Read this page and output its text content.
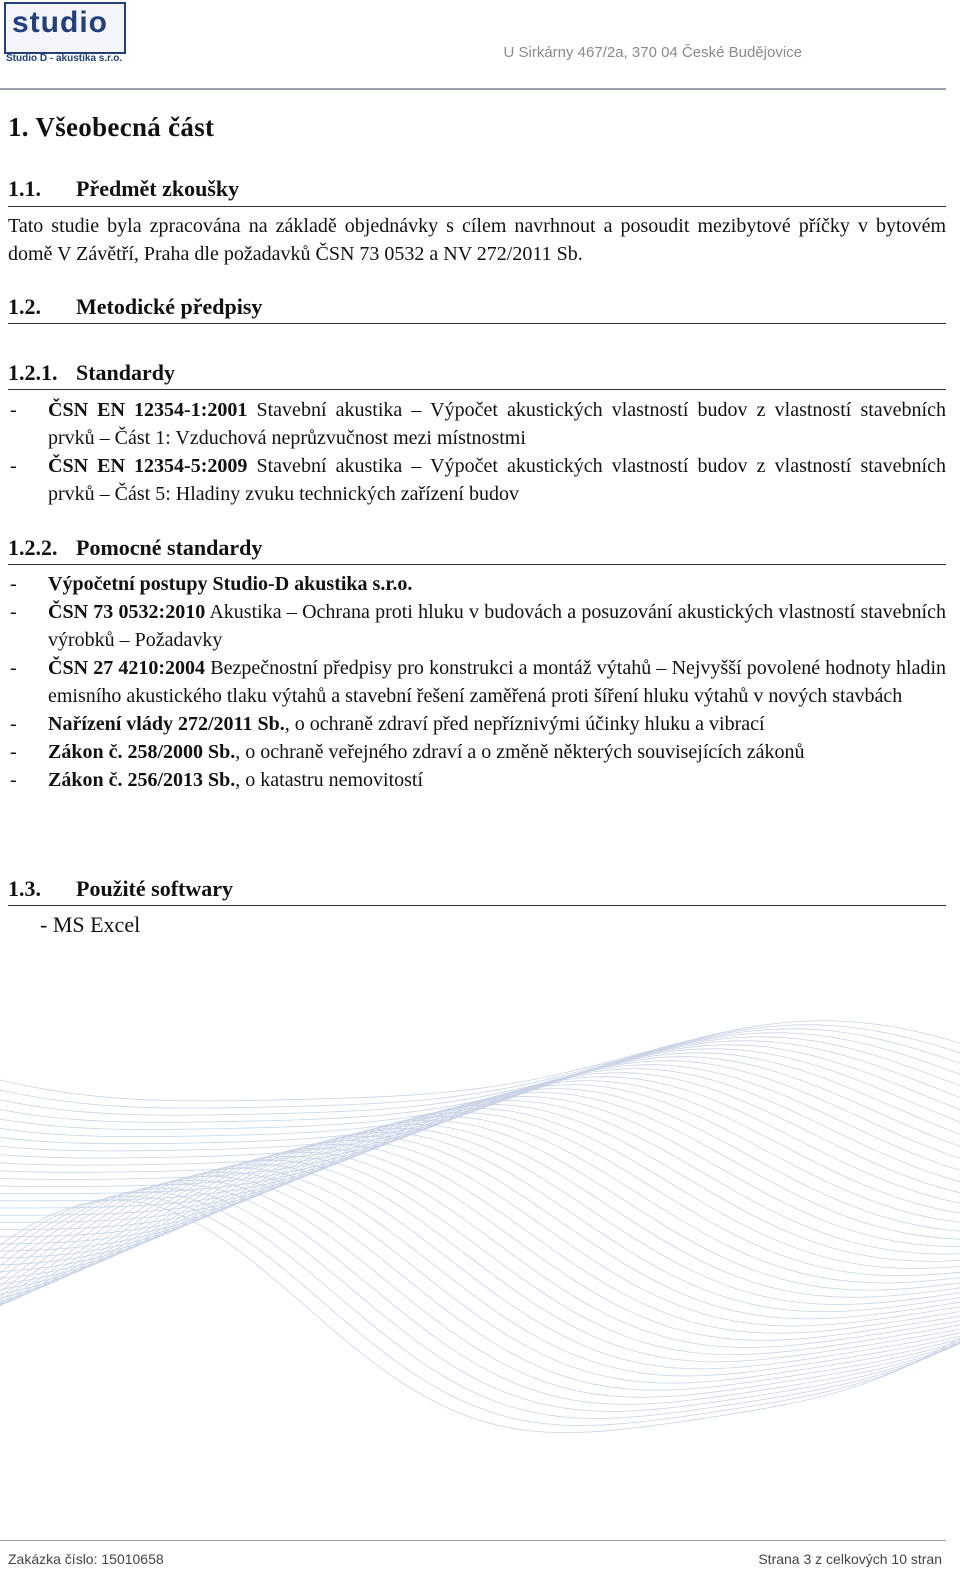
studio
Studio D - akustika s.r.o.	U Sirkárny 467/2a, 370 04 České Budějovice
1. Všeobecná část
1.1. Předmět zkoušky

Tato studie byla zpracována na základě objednávky s cílem navrhnout a posoudit mezibytové příčky v bytovém domě V Závětří, Praha dle požadavků ČSN 73 0532 a NV 272/2011 Sb.

1.2. Metodické předpisy
1.2.1. Standardy
- ČSN EN 12354-1:2001 Stavební akustika – Výpočet akustických vlastností budov z vlastností stavebních prvků – Část 1: Vzduchová neprůzvučnost mezi místnostmi
- ČSN EN 12354-5:2009 Stavební akustika – Výpočet akustických vlastností budov z vlastností stavebních prvků – Část 5: Hladiny zvuku technických zařízení budov
1.2.2. Pomocné standardy
- Výpočetní postupy Studio-D akustika s.r.o.
- ČSN 73 0532:2010 Akustika – Ochrana proti hluku v budovách a posuzování akustických vlastností stavebních výrobků – Požadavky
- ČSN 27 4210:2004 Bezpečnostní předpisy pro konstrukci a montáž výtahů – Nejvyšší povolené hodnoty hladin emisního akustického tlaku výtahů a stavební řešení zaměřená proti šíření hluku výtahů v nových stavbách
- Nařízení vlády 272/2011 Sb., o ochraně zdraví před nepříznivými účinky hluku a vibrací
- Zákon č. 258/2000 Sb., o ochraně veřejného zdraví a o změně některých souvisejících zákonů
- Zákon č. 256/2013 Sb., o katastru nemovitostí
1.3. Použité softwary
- MS Excel
Zakázka číslo: 15010658	Strana 3 z celkových 10 stran
